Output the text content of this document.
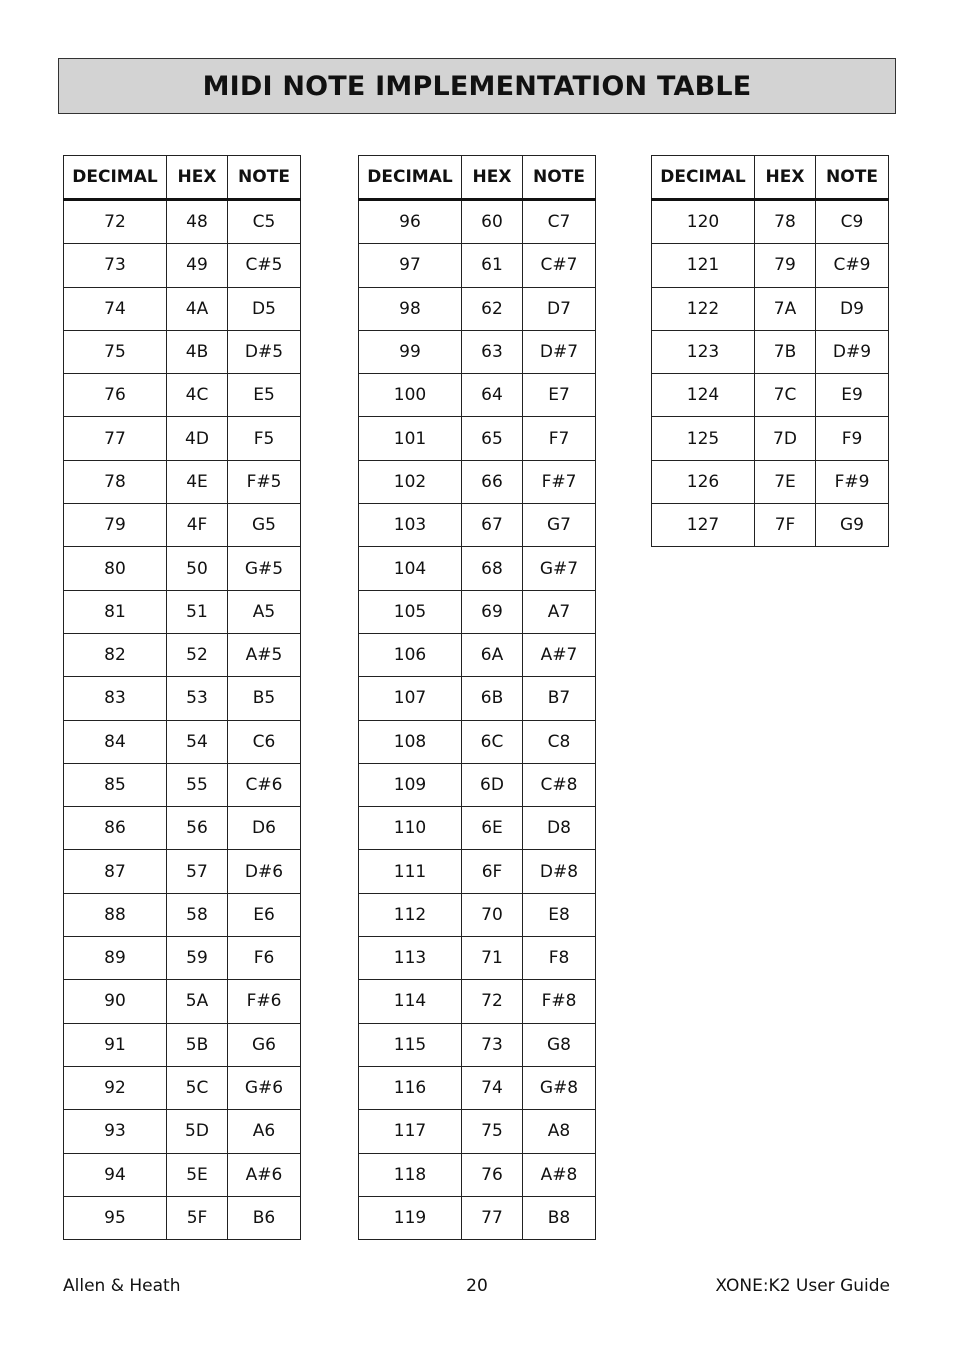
MIDI NOTE IMPLEMENTATION TABLE
DECIMAL	HEX	NOTE
72	48	C5
73	49	C#5
74	4A	D5
75	4B	D#5
76	4C	E5
77	4D	F5
78	4E	F#5
79	4F	G5
80	50	G#5
81	51	A5
82	52	A#5
83	53	B5
84	54	C6
85	55	C#6
86	56	D6
87	57	D#6
88	58	E6
89	59	F6
90	5A	F#6
91	5B	G6
92	5C	G#6
93	5D	A6
94	5E	A#6
95	5F	B6
DECIMAL	HEX	NOTE
96	60	C7
97	61	C#7
98	62	D7
99	63	D#7
100	64	E7
101	65	F7
102	66	F#7
103	67	G7
104	68	G#7
105	69	A7
106	6A	A#7
107	6B	B7
108	6C	C8
109	6D	C#8
110	6E	D8
111	6F	D#8
112	70	E8
113	71	F8
114	72	F#8
115	73	G8
116	74	G#8
117	75	A8
118	76	A#8
119	77	B8
DECIMAL	HEX	NOTE
120	78	C9
121	79	C#9
122	7A	D9
123	7B	D#9
124	7C	E9
125	7D	F9
126	7E	F#9
127	7F	G9
Allen & Heath	20	XONE:K2 User Guide
